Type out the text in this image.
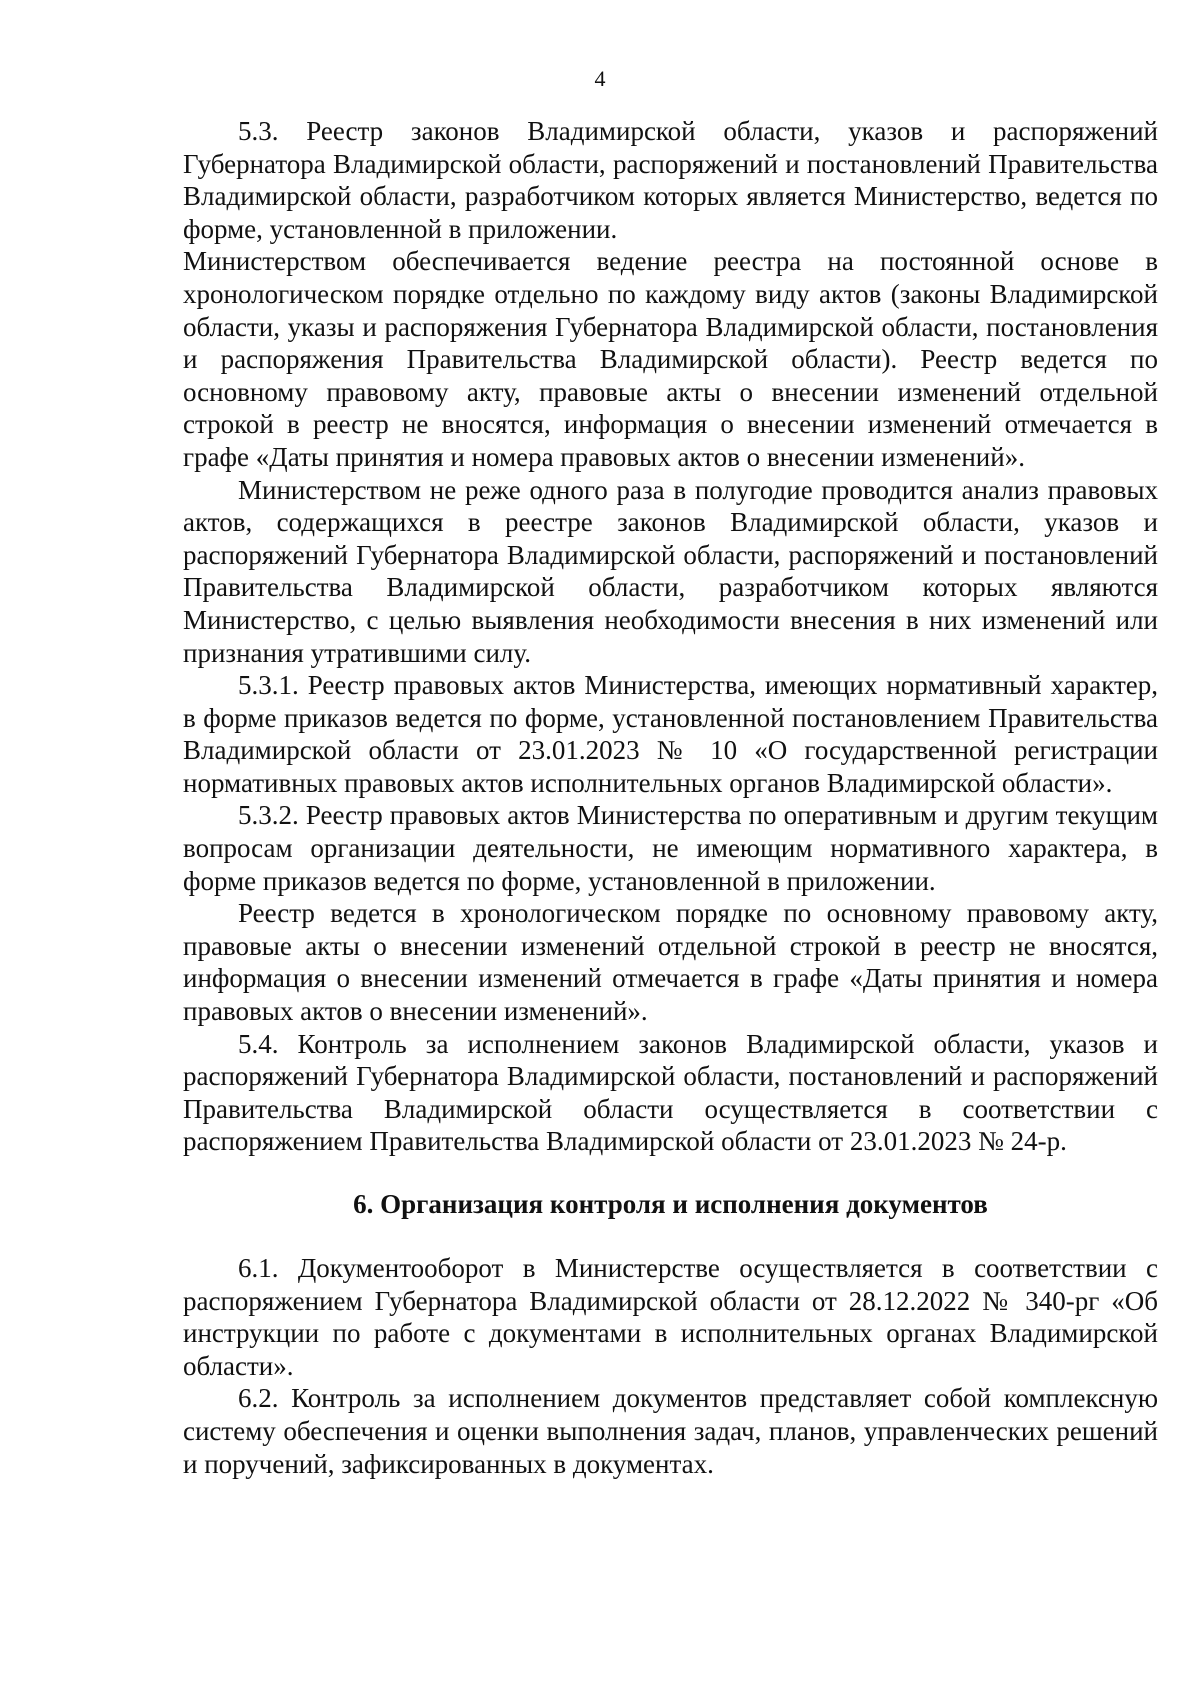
4

5.3. Реестр законов Владимирской области, указов и распоряжений Губернатора Владимирской области, распоряжений и постановлений Правительства Владимирской области, разработчиком которых является Министерство, ведется по форме, установленной в приложении.

Министерством обеспечивается ведение реестра на постоянной основе в хронологическом порядке отдельно по каждому виду актов (законы Владимирской области, указы и распоряжения Губернатора Владимирской области, постановления и распоряжения Правительства Владимирской области). Реестр ведется по основному правовому акту, правовые акты о внесении изменений отдельной строкой в реестр не вносятся, информация о внесении изменений отмечается в графе «Даты принятия и номера правовых актов о внесении изменений».

Министерством не реже одного раза в полугодие проводится анализ правовых актов, содержащихся в реестре законов Владимирской области, указов и распоряжений Губернатора Владимирской области, распоряжений и постановлений Правительства Владимирской области, разработчиком которых являются Министерство, с целью выявления необходимости внесения в них изменений или признания утратившими силу.

5.3.1. Реестр правовых актов Министерства, имеющих нормативный характер, в форме приказов ведется по форме, установленной постановлением Правительства Владимирской области от 23.01.2023 № 10 «О государственной регистрации нормативных правовых актов исполнительных органов Владимирской области».

5.3.2. Реестр правовых актов Министерства по оперативным и другим текущим вопросам организации деятельности, не имеющим нормативного характера, в форме приказов ведется по форме, установленной в приложении.

Реестр ведется в хронологическом порядке по основному правовому акту, правовые акты о внесении изменений отдельной строкой в реестр не вносятся, информация о внесении изменений отмечается в графе «Даты принятия и номера правовых актов о внесении изменений».

5.4. Контроль за исполнением законов Владимирской области, указов и распоряжений Губернатора Владимирской области, постановлений и распоряжений Правительства Владимирской области осуществляется в соответствии с распоряжением Правительства Владимирской области от 23.01.2023 № 24-р.

6. Организация контроля и исполнения документов

6.1. Документооборот в Министерстве осуществляется в соответствии с распоряжением Губернатора Владимирской области от 28.12.2022 № 340-рг «Об инструкции по работе с документами в исполнительных органах Владимирской области».

6.2. Контроль за исполнением документов представляет собой комплексную систему обеспечения и оценки выполнения задач, планов, управленческих решений и поручений, зафиксированных в документах.
